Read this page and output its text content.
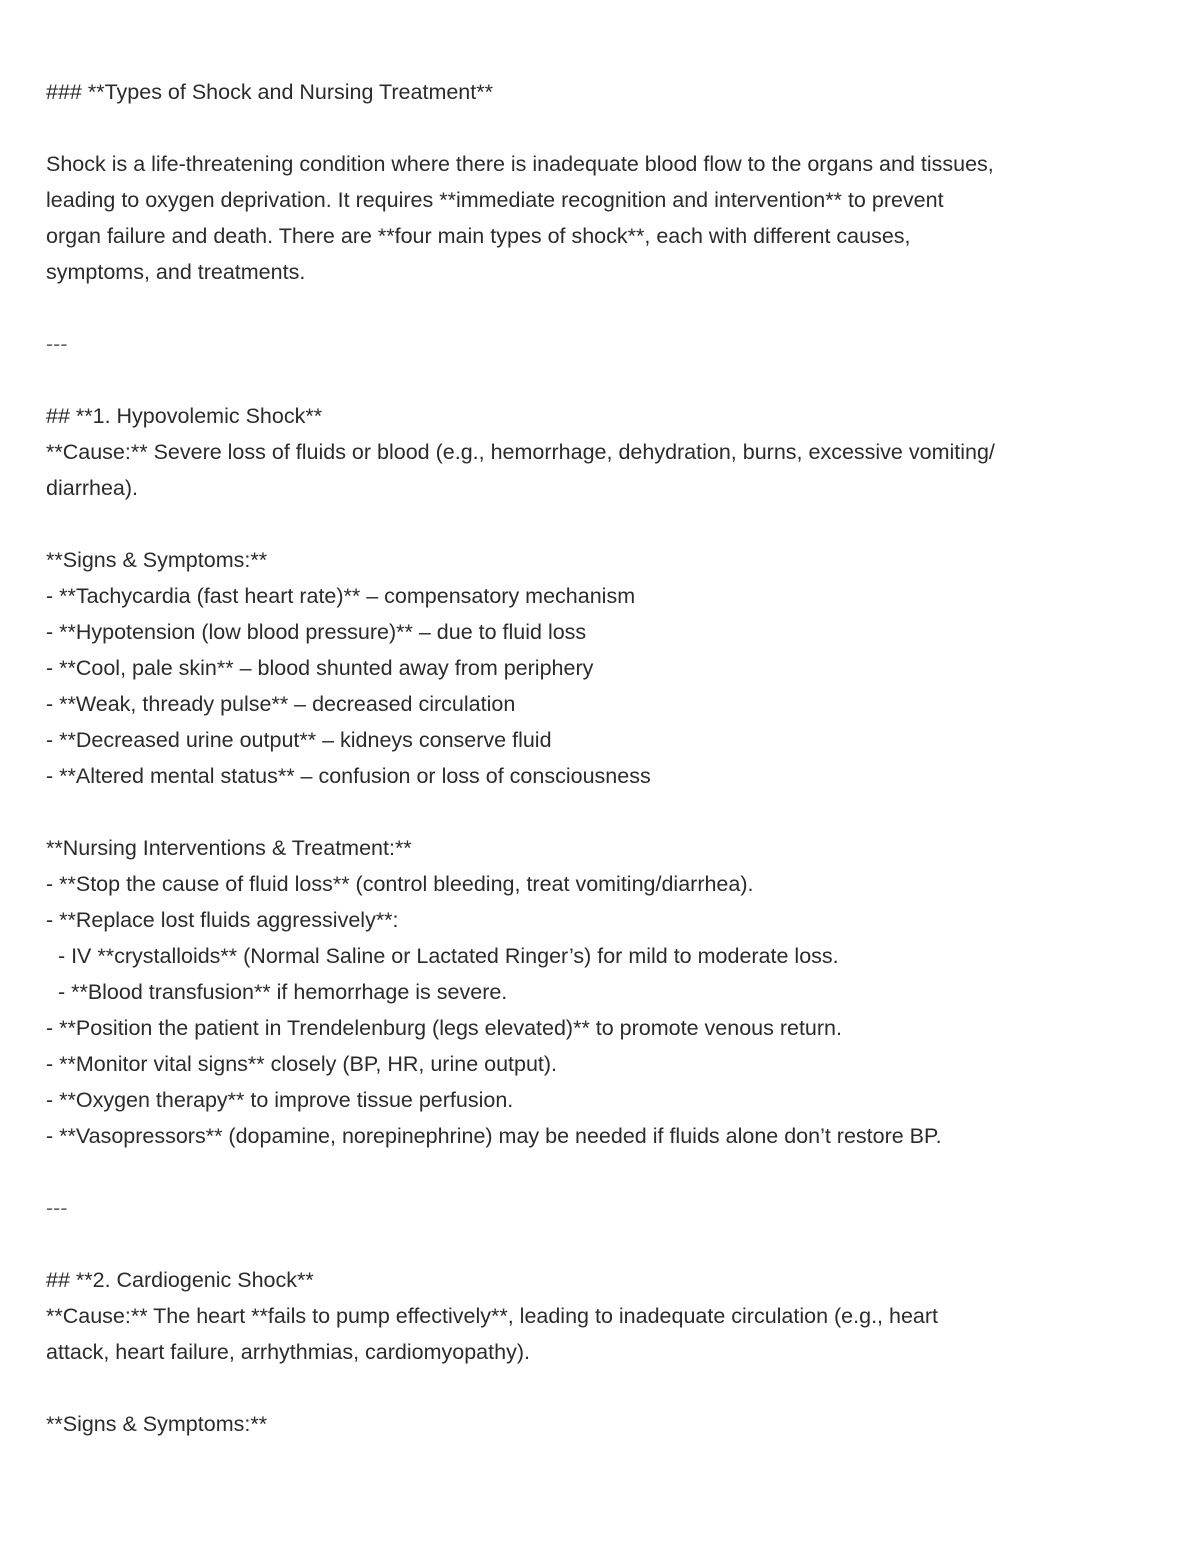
### **Types of Shock and Nursing Treatment**

Shock is a life-threatening condition where there is inadequate blood flow to the organs and tissues,

leading to oxygen deprivation. It requires **immediate recognition and intervention** to prevent

organ failure and death. There are **four main types of shock**, each with different causes,

symptoms, and treatments.

---

## **1. Hypovolemic Shock**

**Cause:** Severe loss of fluids or blood (e.g., hemorrhage, dehydration, burns, excessive vomiting/

diarrhea).

**Signs & Symptoms:**

- **Tachycardia (fast heart rate)** – compensatory mechanism

- **Hypotension (low blood pressure)** – due to fluid loss

- **Cool, pale skin** – blood shunted away from periphery

- **Weak, thready pulse** – decreased circulation

- **Decreased urine output** – kidneys conserve fluid

- **Altered mental status** – confusion or loss of consciousness

**Nursing Interventions & Treatment:**

- **Stop the cause of fluid loss** (control bleeding, treat vomiting/diarrhea).

- **Replace lost fluids aggressively**:

- IV **crystalloids** (Normal Saline or Lactated Ringer’s) for mild to moderate loss.

- **Blood transfusion** if hemorrhage is severe.

- **Position the patient in Trendelenburg (legs elevated)** to promote venous return.

- **Monitor vital signs** closely (BP, HR, urine output).

- **Oxygen therapy** to improve tissue perfusion.

- **Vasopressors** (dopamine, norepinephrine) may be needed if fluids alone don’t restore BP.

---

## **2. Cardiogenic Shock**

**Cause:** The heart **fails to pump effectively**, leading to inadequate circulation (e.g., heart

attack, heart failure, arrhythmias, cardiomyopathy).

**Signs & Symptoms:**
